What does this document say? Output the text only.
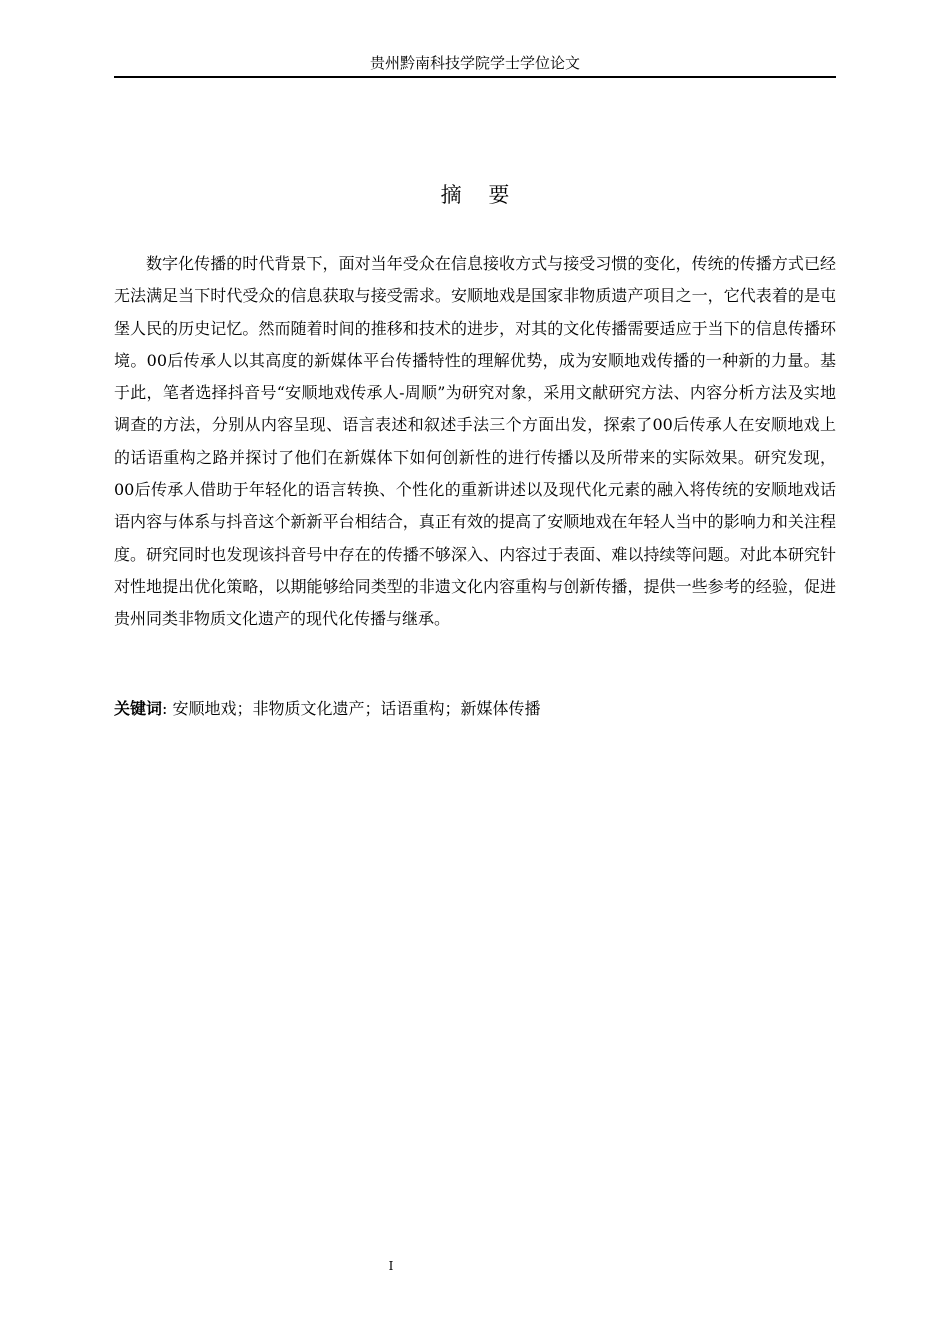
贵州黔南科技学院学士学位论文
摘    要

数字化传播的时代背景下，面对当年受众在信息接收方式与接受习惯的变化，传统的传播方式已经无法满足当下时代受众的信息获取与接受需求。安顺地戏是国家非物质遗产项目之一，它代表着的是屯堡人民的历史记忆。然而随着时间的推移和技术的进步，对其的文化传播需要适应于当下的信息传播环境。00后传承人以其高度的新媒体平台传播特性的理解优势，成为安顺地戏传播的一种新的力量。基于此，笔者选择抖音号“安顺地戏传承人-周顺”为研究对象，采用文献研究方法、内容分析方法及实地调查的方法，分别从内容呈现、语言表述和叙述手法三个方面出发，探索了00后传承人在安顺地戏上的话语重构之路并探讨了他们在新媒体下如何创新性的进行传播以及所带来的实际效果。研究发现，00后传承人借助于年轻化的语言转换、个性化的重新讲述以及现代化元素的融入将传统的安顺地戏话语内容与体系与抖音这个新新平台相结合，真正有效的提高了安顺地戏在年轻人当中的影响力和关注程度。研究同时也发现该抖音号中存在的传播不够深入、内容过于表面、难以持续等问题。对此本研究针对性地提出优化策略，以期能够给同类型的非遗文化内容重构与创新传播，提供一些参考的经验，促进贵州同类非物质文化遗产的现代化传播与继承。

关键词: 安顺地戏；非物质文化遗产；话语重构；新媒体传播
I
